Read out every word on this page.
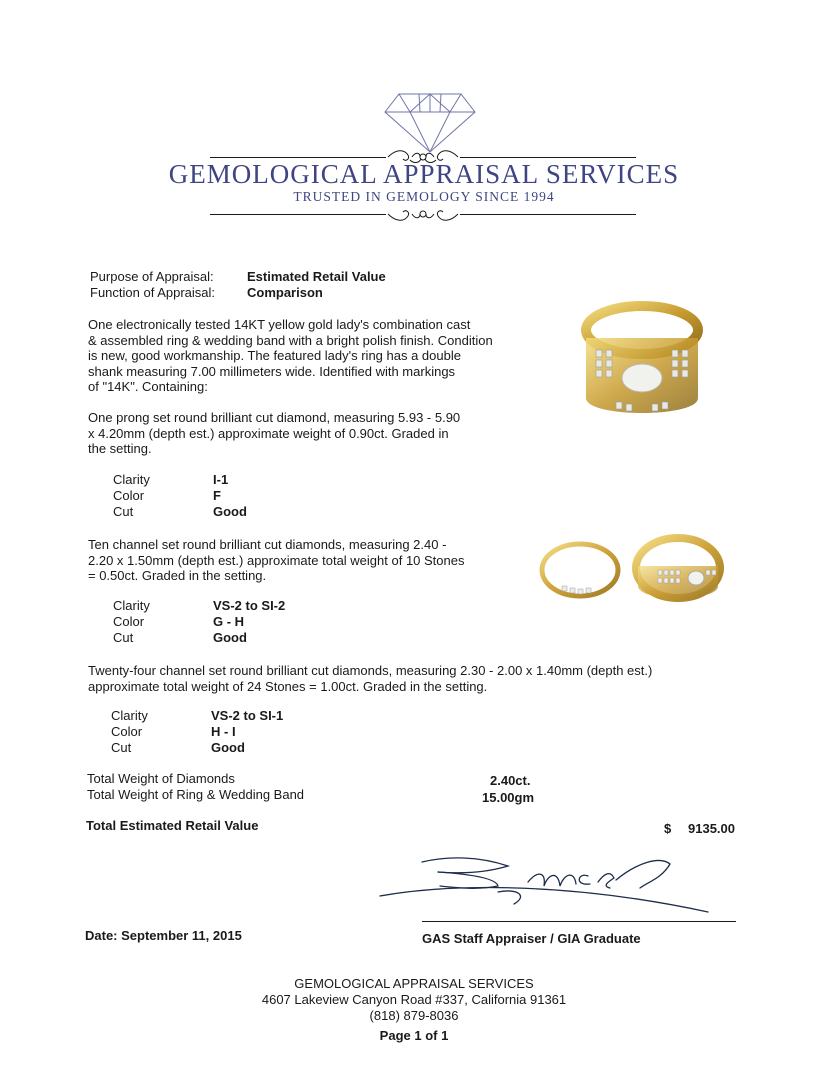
GEMOLOGICAL APPRAISAL SERVICES
TRUSTED IN GEMOLOGY SINCE 1994
Purpose of Appraisal:	Estimated Retail Value
Function of Appraisal: Comparison
One electronically tested 14KT yellow gold lady's combination cast
& assembled ring & wedding band with a bright polish finish. Condition
is new, good workmanship. The featured lady's ring has a double
shank measuring 7.00 millimeters wide. Identified with markings
of "14K". Containing:
One prong set round brilliant cut diamond, measuring 5.93 - 5.90
x 4.20mm (depth est.) approximate weight of 0.90ct. Graded in
the setting.
Clarity	I-1
Color	F
Cut	Good
Ten channel set round brilliant cut diamonds, measuring 2.40 -
2.20 x 1.50mm (depth est.) approximate total weight of 10 Stones
= 0.50ct. Graded in the setting.
Clarity	VS-2 to SI-2
Color	G - H
Cut	Good
Twenty-four channel set round brilliant cut diamonds, measuring 2.30 - 2.00 x 1.40mm (depth est.)
approximate total weight of 24 Stones = 1.00ct. Graded in the setting.
Clarity	VS-2 to SI-1
Color	H - I
Cut	Good
Total Weight of Diamonds	2.40ct.
Total Weight of Ring & Wedding Band	15.00gm
Total Estimated Retail Value	$ 9135.00
Date: September 11, 2015	GAS Staff Appraiser / GIA Graduate
GEMOLOGICAL APPRAISAL SERVICES
4607 Lakeview Canyon Road #337, California 91361
(818) 879-8036
Page 1 of 1
